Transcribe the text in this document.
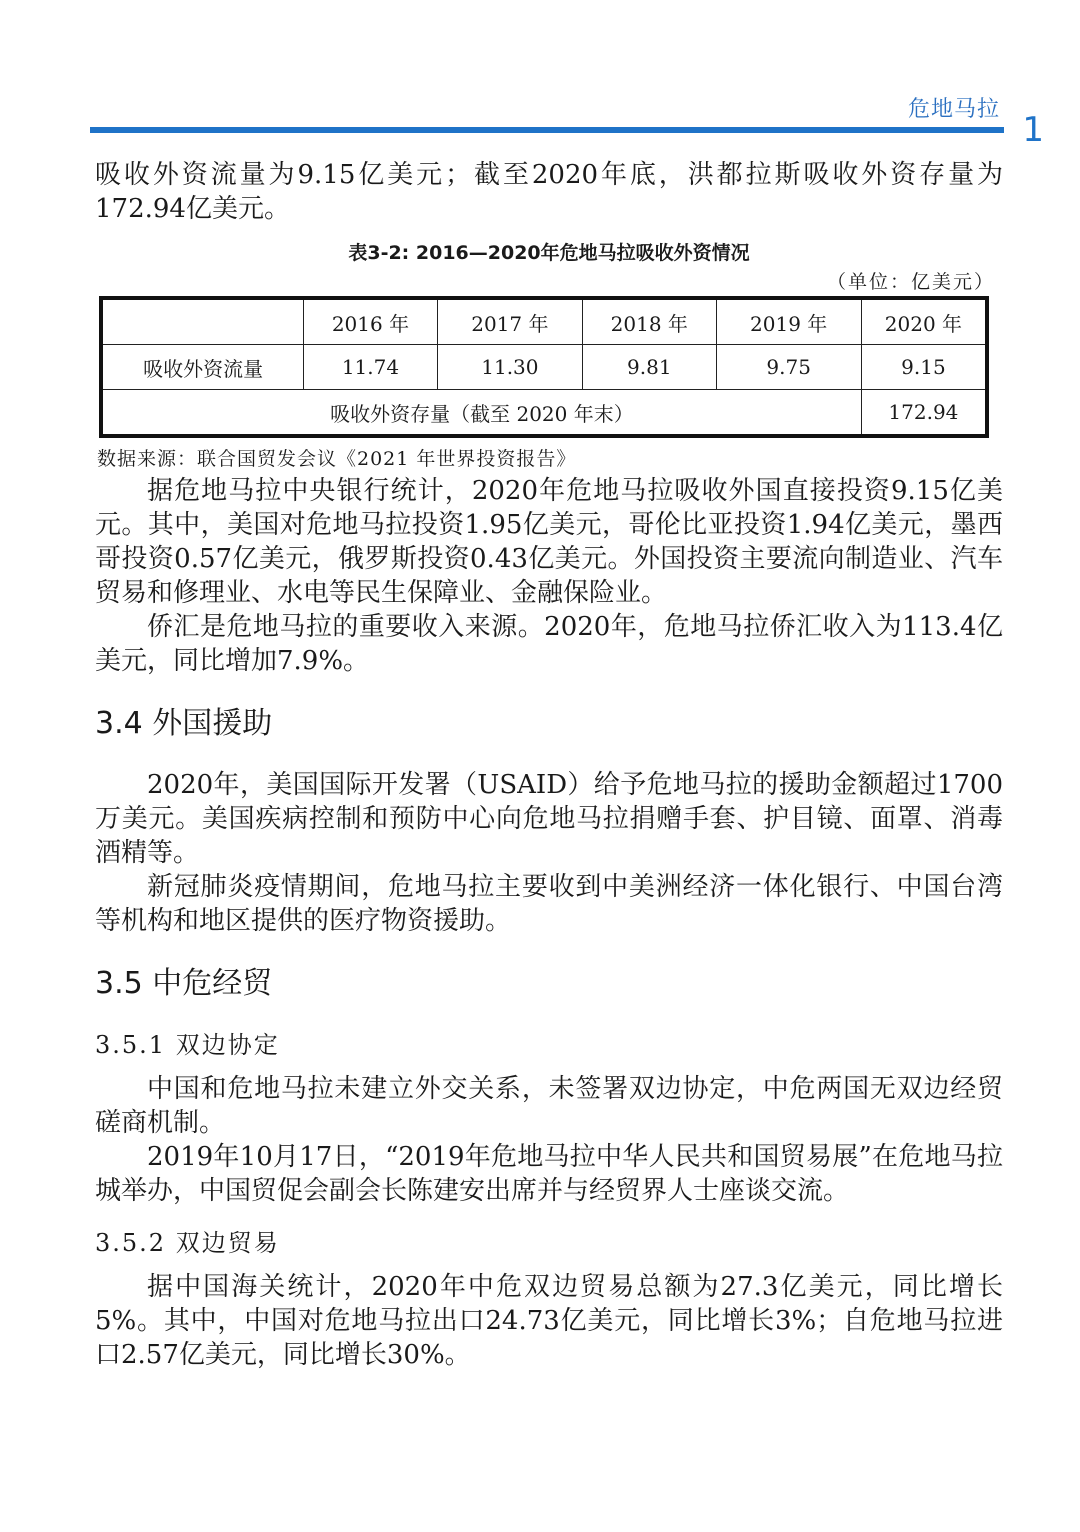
危地马拉
1

吸收外资流量为9.15亿美元；截至2020年底，洪都拉斯吸收外资存量为172.94亿美元。

表3-2: 2016—2020年危地马拉吸收外资情况
（单位：亿美元）
	2016 年	2017 年	2018 年	2019 年	2020 年
吸收外资流量	11.74	11.30	9.81	9.75	9.15
吸收外资存量（截至 2020 年末）					172.94
数据来源：联合国贸发会议《2021 年世界投资报告》

据危地马拉中央银行统计，2020年危地马拉吸收外国直接投资9.15亿美元。其中，美国对危地马拉投资1.95亿美元，哥伦比亚投资1.94亿美元，墨西哥投资0.57亿美元，俄罗斯投资0.43亿美元。外国投资主要流向制造业、汽车贸易和修理业、水电等民生保障业、金融保险业。

侨汇是危地马拉的重要收入来源。2020年，危地马拉侨汇收入为113.4亿美元，同比增加7.9%。

3.4 外国援助

2020年，美国国际开发署（USAID）给予危地马拉的援助金额超过1700万美元。美国疾病控制和预防中心向危地马拉捐赠手套、护目镜、面罩、消毒酒精等。

新冠肺炎疫情期间，危地马拉主要收到中美洲经济一体化银行、中国台湾等机构和地区提供的医疗物资援助。

3.5 中危经贸
3.5.1 双边协定

中国和危地马拉未建立外交关系，未签署双边协定，中危两国无双边经贸磋商机制。

2019年10月17日，“2019年危地马拉中华人民共和国贸易展”在危地马拉城举办，中国贸促会副会长陈建安出席并与经贸界人士座谈交流。

3.5.2 双边贸易

据中国海关统计，2020年中危双边贸易总额为27.3亿美元，同比增长5%。其中，中国对危地马拉出口24.73亿美元，同比增长3%；自危地马拉进口2.57亿美元，同比增长30%。
